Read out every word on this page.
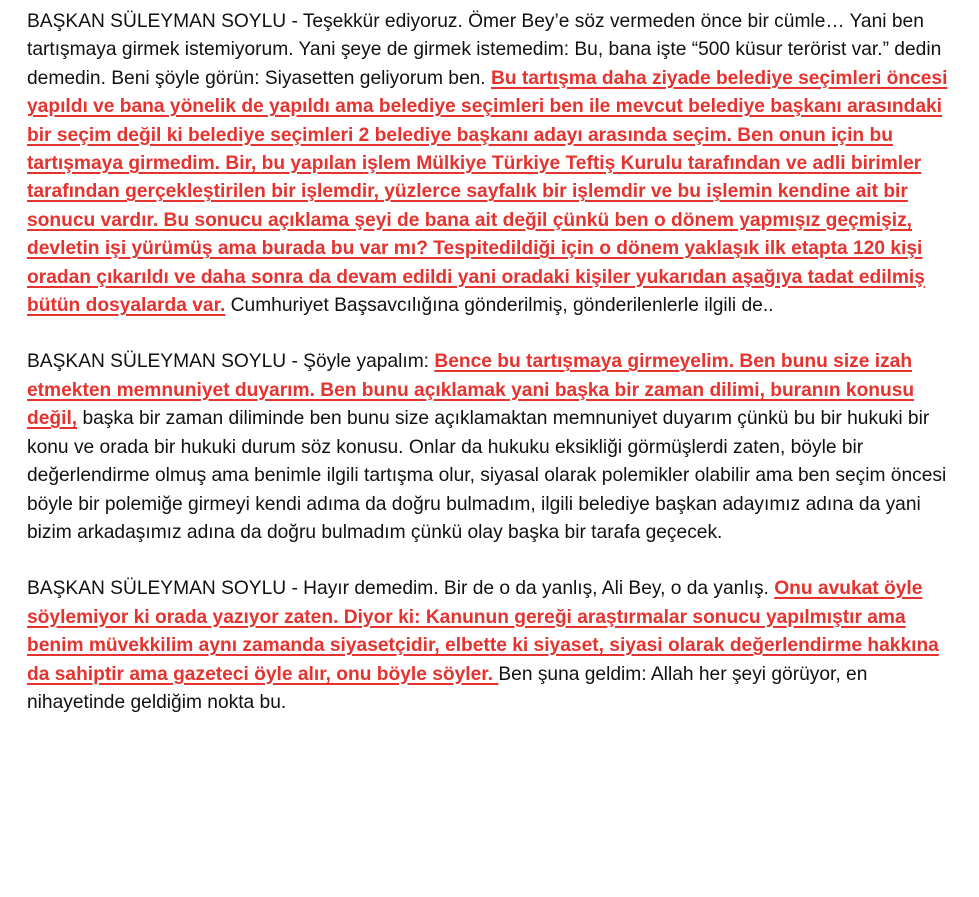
BAŞKAN SÜLEYMAN SOYLU - Teşekkür ediyoruz. Ömer Bey’e söz vermeden önce bir cümle… Yani ben tartışmaya girmek istemiyorum. Yani şeye de girmek istemedim: Bu, bana işte “500 küsur terörist var.” dedin demedin. Beni şöyle görün: Siyasetten geliyorum ben. Bu tartışma daha ziyade belediye seçimleri öncesi yapıldı ve bana yönelik de yapıldı ama belediye seçimleri ben ile mevcut belediye başkanı arasındaki bir seçim değil ki belediye seçimleri 2 belediye başkanı adayı arasında seçim. Ben onun için bu tartışmaya girmedim. Bir, bu yapılan işlem Mülkiye Türkiye Teftiş Kurulu tarafından ve adli birimler tarafından gerçekleştirilen bir işlemdir, yüzlerce sayfalık bir işlemdir ve bu işlemin kendine ait bir sonucu vardır. Bu sonucu açıklama şeyi de bana ait değil çünkü ben o dönem yapmışız geçmişiz, devletin işi yürümüş ama burada bu var mı? Tespitedildiği için o dönem yaklaşık ilk etapta 120 kişi oradan çıkarıldı ve daha sonra da devam edildi yani oradaki kişiler yukarıdan aşağıya tadat edilmiş bütün dosyalarda var. Cumhuriyet Başsavcılığına gönderilmiş, gönderilenlerle ilgili de..

BAŞKAN SÜLEYMAN SOYLU - Şöyle yapalım: Bence bu tartışmaya girmeyelim. Ben bunu size izah etmekten memnuniyet duyarım. Ben bunu açıklamak yani başka bir zaman dilimi, buranın konusu değil, başka bir zaman diliminde ben bunu size açıklamaktan memnuniyet duyarım çünkü bu bir hukuki bir konu ve orada bir hukuki durum söz konusu. Onlar da hukuku eksikliği görmüşlerdi zaten, böyle bir değerlendirme olmuş ama benimle ilgili tartışma olur, siyasal olarak polemikler olabilir ama ben seçim öncesi böyle bir polemiğe girmeyi kendi adıma da doğru bulmadım, ilgili belediye başkan adayımız adına da yani bizim arkadaşımız adına da doğru bulmadım çünkü olay başka bir tarafa geçecek.

BAŞKAN SÜLEYMAN SOYLU - Hayır demedim. Bir de o da yanlış, Ali Bey, o da yanlış. Onu avukat öyle söylemiyor ki orada yazıyor zaten. Diyor ki: Kanunun gereği araştırmalar sonucu yapılmıştır ama benim müvekkilim aynı zamanda siyasetçidir, elbette ki siyaset, siyasi olarak değerlendirme hakkına da sahiptir ama gazeteci öyle alır, onu böyle söyler. Ben şuna geldim: Allah her şeyi görüyor, en nihayetinde geldiğim nokta bu.
